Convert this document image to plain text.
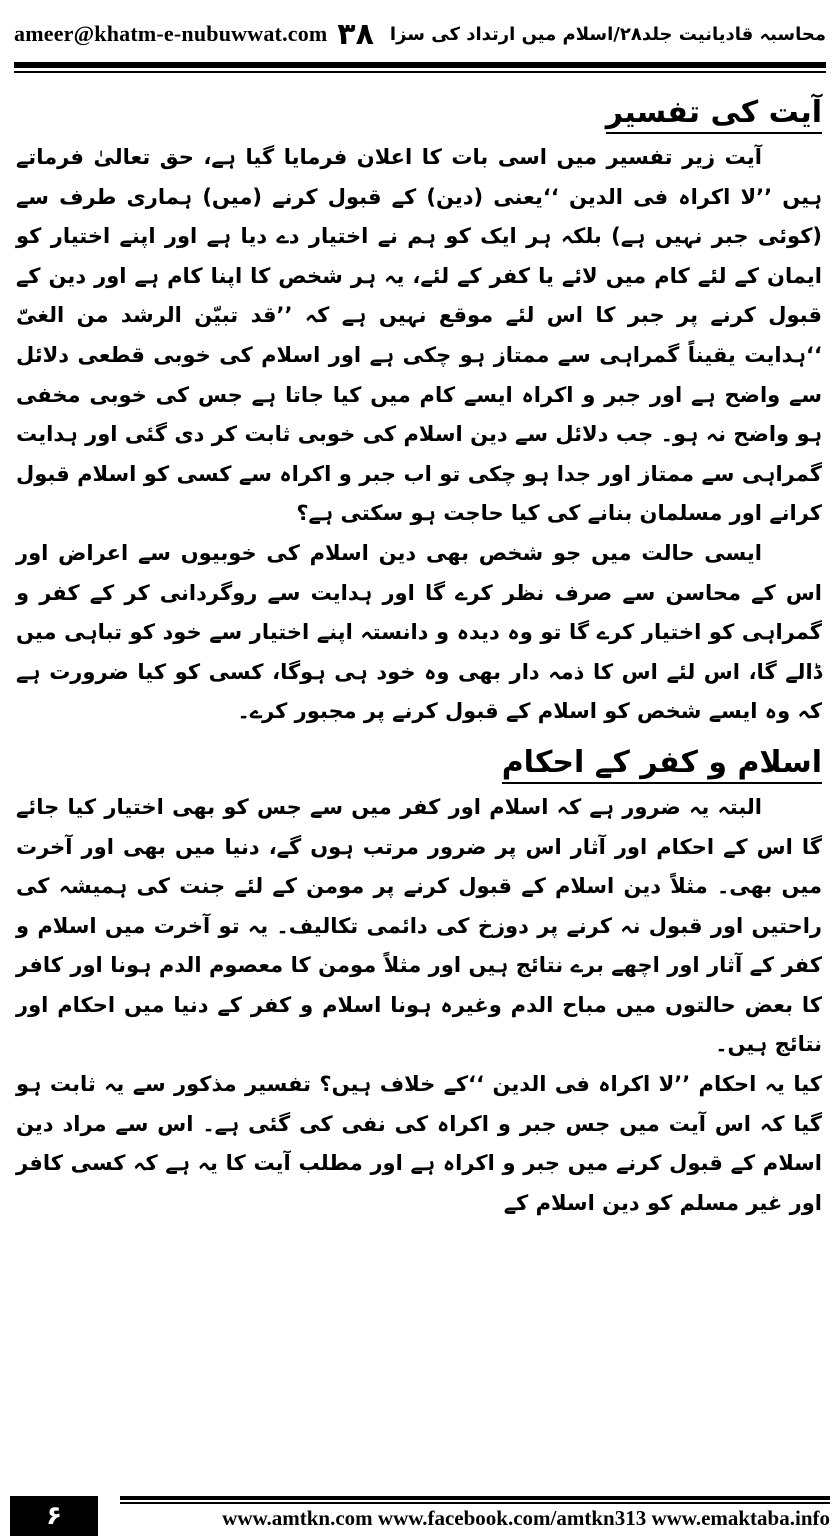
ameer@khatm-e-nubuwwat.com	محاسبہ قادیانیت جلد۲۸/اسلام میں ارتداد کی سزا
۳۸
آیت کی تفسیر

آیت زیر تفسیر میں اسی بات کا اعلان فرمایا گیا ہے، حق تعالیٰ فرماتے ہیں ’’لا اکراہ فی الدین ‘‘یعنی (دین) کے قبول کرنے (میں) ہماری طرف سے (کوئی جبر نہیں ہے) بلکہ ہر ایک کو ہم نے اختیار دے دیا ہے اور اپنے اختیار کو ایمان کے لئے کام میں لائے یا کفر کے لئے، یہ ہر شخص کا اپنا کام ہے اور دین کے قبول کرنے پر جبر کا اس لئے موقع نہیں ہے کہ ’’قد تبیّن الرشد من الغیّ ‘‘ہدایت یقیناً گمراہی سے ممتاز ہو چکی ہے اور اسلام کی خوبی قطعی دلائل سے واضح ہے اور جبر و اکراہ ایسے کام میں کیا جاتا ہے جس کی خوبی مخفی ہو واضح نہ ہو۔ جب دلائل سے دین اسلام کی خوبی ثابت کر دی گئی اور ہدایت گمراہی سے ممتاز اور جدا ہو چکی تو اب جبر و اکراہ سے کسی کو اسلام قبول کرانے اور مسلمان بنانے کی کیا حاجت ہو سکتی ہے؟

ایسی حالت میں جو شخص بھی دین اسلام کی خوبیوں سے اعراض اور اس کے محاسن سے صرف نظر کرے گا اور ہدایت سے روگردانی کر کے کفر و گمراہی کو اختیار کرے گا تو وہ دیدہ و دانستہ اپنے اختیار سے خود کو تباہی میں ڈالے گا، اس لئے اس کا ذمہ دار بھی وہ خود ہی ہوگا، کسی کو کیا ضرورت ہے کہ وہ ایسے شخص کو اسلام کے قبول کرنے پر مجبور کرے۔

اسلام و کفر کے احکام

البتہ یہ ضرور ہے کہ اسلام اور کفر میں سے جس کو بھی اختیار کیا جائے گا اس کے احکام اور آثار اس پر ضرور مرتب ہوں گے، دنیا میں بھی اور آخرت میں بھی۔ مثلاً دین اسلام کے قبول کرنے پر مومن کے لئے جنت کی ہمیشہ کی راحتیں اور قبول نہ کرنے پر دوزخ کی دائمی تکالیف۔ یہ تو آخرت میں اسلام و کفر کے آثار اور اچھے برے نتائج ہیں اور مثلاً مومن کا معصوم الدم ہونا اور کافر کا بعض حالتوں میں مباح الدم وغیرہ ہونا اسلام و کفر کے دنیا میں احکام اور نتائج ہیں۔

کیا یہ احکام ’’لا اکراہ فی الدین ‘‘کے خلاف ہیں؟ تفسیر مذکور سے یہ ثابت ہو گیا کہ اس آیت میں جس جبر و اکراہ کی نفی کی گئی ہے۔ اس سے مراد دین اسلام کے قبول کرنے میں جبر و اکراہ ہے اور مطلب آیت کا یہ ہے کہ کسی کافر اور غیر مسلم کو دین اسلام کے

۶	www.amtkn.com www.facebook.com/amtkn313 www.emaktaba.info
